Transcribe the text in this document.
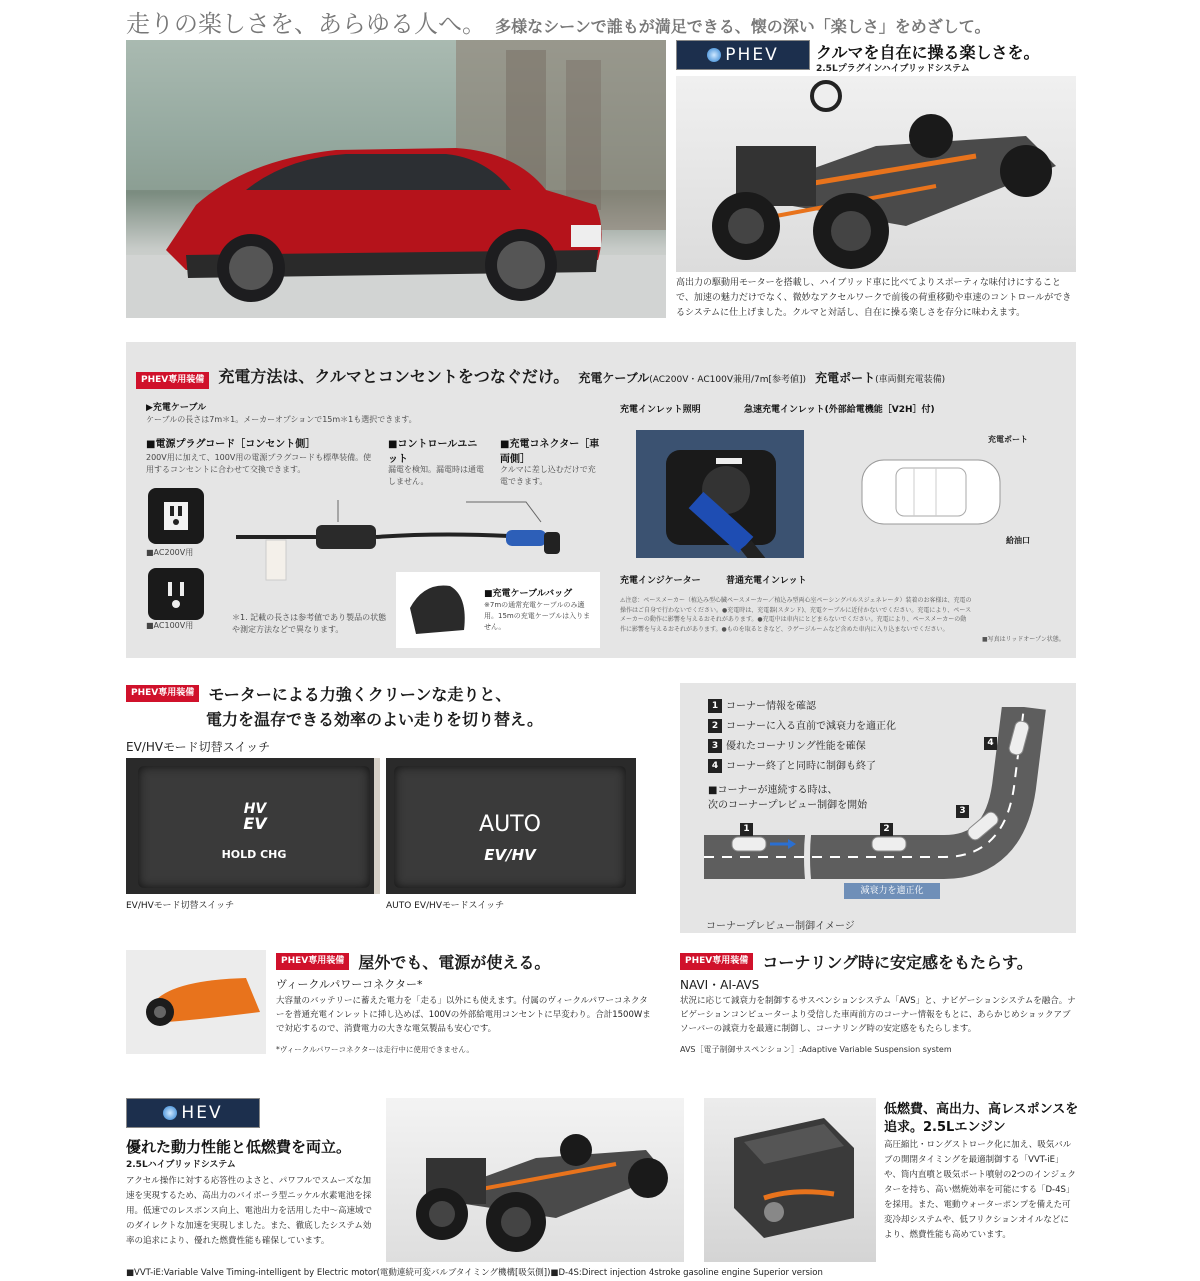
走りの楽しさを、あらゆる人へ。 多様なシーンで誰もが満足できる、懐の深い「楽しさ」をめざして。
PHEV クルマを自在に操る楽しさを。
2.5Lプラグインハイブリッドシステム
高出力の駆動用モーターを搭載し、ハイブリッド車に比べてよりスポーティな味付けにすることで、加速の魅力だけでなく、微妙なアクセルワークで前後の荷重移動や車速のコントロールができるシステムに仕上げました。クルマと対話し、自在に操る楽しさを存分に味わえます。
PHEV専用装備 充電方法は、クルマとコンセントをつなぐだけ。 充電ケーブル(AC200V・AC100V兼用/7m[参考値]) 充電ポート(車両側充電装備)
▶充電ケーブル
ケーブルの長さは7m＊1。メーカーオプションで15m＊1も選択できます。
■電源プラグコード［コンセント側］
200V用に加えて、100V用の電源プラグコードも標準装備。使用するコンセントに合わせて交換できます。
■コントロールユニット
漏電を検知。漏電時は通電しません。
■充電コネクター［車両側］
クルマに差し込むだけで充電できます。
■AC200V用
■AC100V用
＊1. 記載の長さは参考値であり製品の状態や測定方法などで異なります。
■充電ケーブルバッグ
※7mの通常充電ケーブルのみ適用。15mの充電ケーブルは入りません。
充電インレット照明	急速充電インレット(外部給電機能［V2H］付)
充電インジケーター	普通充電インレット
充電ポート
給油口
⚠注意：ペースメーカー（植込み型心臓ペースメーカー／植込み型両心室ペーシングパルスジェネレータ）装着のお客様は、充電の操作はご自身で行わないでください。●充電時は、充電器(スタンド)、充電ケーブルに近付かないでください。充電により、ペースメーカーの動作に影響を与えるおそれがあります。●充電中は車内にとどまらないでください。充電により、ペースメーカーの動作に影響を与えるおそれがあります。●ものを取るときなど、ラゲージルームなど含めた車内に入り込まないでください。
■写真はリッドオープン状態。
PHEV専用装備 モーターによる力強くクリーンな走りと、
電力を温存できる効率のよい走りを切り替え。
EV/HVモード切替スイッチ
HV
EV
HOLD CHG
AUTO
EV/HV
EV/HVモード切替スイッチ	AUTO EV/HVモードスイッチ
1 コーナー情報を確認
2 コーナーに入る直前で減衰力を適正化
3 優れたコーナリング性能を確保
4 コーナー終了と同時に制御も終了
■コーナーが連続する時は、
次のコーナープレビュー制御を開始
1	2
3
4
減衰力を適正化
コーナープレビュー制御イメージ
PHEV専用装備 屋外でも、電源が使える。
ヴィークルパワーコネクター*
大容量のバッテリーに蓄えた電力を「走る」以外にも使えます。付属のヴィークルパワーコネクターを普通充電インレットに挿し込めば、100Vの外部給電用コンセントに早変わり。合計1500Wまで対応するので、消費電力の大きな電気製品も安心です。
*ヴィークルパワーコネクターは走行中に使用できません。
PHEV専用装備 コーナリング時に安定感をもたらす。
NAVI・AI-AVS
状況に応じて減衰力を制御するサスペンションシステム「AVS」と、ナビゲーションシステムを融合。ナビゲーションコンピューターより受信した車両前方のコーナー情報をもとに、あらかじめショックアブソーバーの減衰力を最適に制御し、コーナリング時の安定感をもたらします。
AVS［電子制御サスペンション］:Adaptive Variable Suspension system
HEV
優れた動力性能と低燃費を両立。
2.5Lハイブリッドシステム
アクセル操作に対する応答性のよさと、パワフルでスムーズな加速を実現するため、高出力のバイポーラ型ニッケル水素電池を採用。低速でのレスポンス向上、電池出力を活用した中〜高速域でのダイレクトな加速を実現しました。また、徹底したシステム効率の追求により、優れた燃費性能も確保しています。
低燃費、高出力、高レスポンスを
追求。2.5Lエンジン
高圧縮比・ロングストローク化に加え、吸気バルブの開閉タイミングを最適制御する「VVT-iE」や、筒内直噴と吸気ポート噴射の2つのインジェクターを持ち、高い燃焼効率を可能にする「D-4S」を採用。また、電動ウォーターポンプを備えた可変冷却システムや、低フリクションオイルなどにより、燃費性能も高めています。
■VVT-iE:Variable Valve Timing-intelligent by Electric motor(電動連続可変バルブタイミング機構[吸気側])■D-4S:Direct injection 4stroke gasoline engine Superior version
